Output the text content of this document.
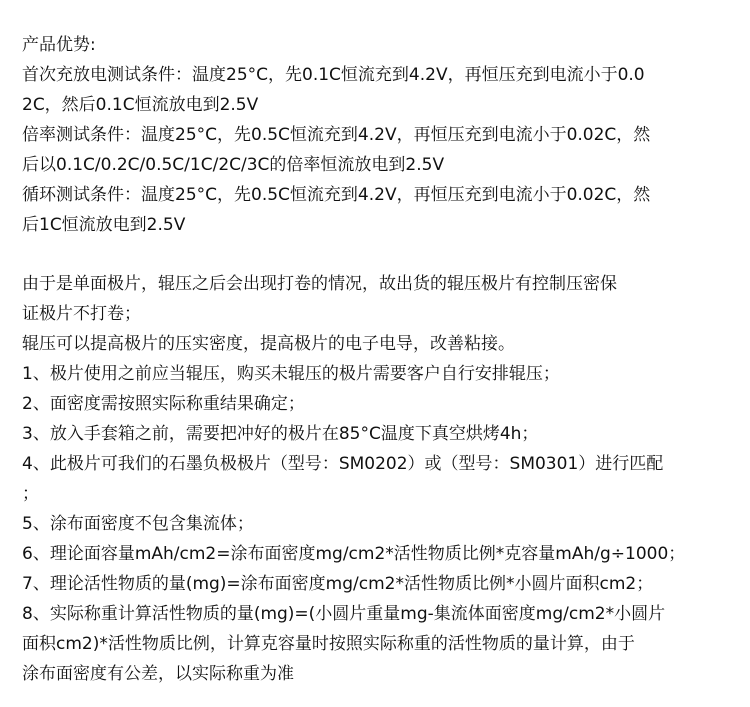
产品优势:
首次充放电测试条件：温度25°C，先0.1C恒流充到4.2V，再恒压充到电流小于0.0
2C，然后0.1C恒流放电到2.5V
倍率测试条件：温度25°C，先0.5C恒流充到4.2V，再恒压充到电流小于0.02C，然
后以0.1C/0.2C/0.5C/1C/2C/3C的倍率恒流放电到2.5V
循环测试条件：温度25°C，先0.5C恒流充到4.2V，再恒压充到电流小于0.02C，然
后1C恒流放电到2.5V
由于是单面极片，辊压之后会出现打卷的情况，故出货的辊压极片有控制压密保
证极片不打卷；
辊压可以提高极片的压实密度，提高极片的电子电导，改善粘接。
1、极片使用之前应当辊压，购买未辊压的极片需要客户自行安排辊压；
2、面密度需按照实际称重结果确定；
3、放入手套箱之前，需要把冲好的极片在85°C温度下真空烘烤4h；
4、此极片可我们的石墨负极极片（型号：SM0202）或（型号：SM0301）进行匹配
；
5、涂布面密度不包含集流体；
6、理论面容量mAh/cm2=涂布面密度mg/cm2*活性物质比例*克容量mAh/g÷1000；
7、理论活性物质的量(mg)=涂布面密度mg/cm2*活性物质比例*小圆片面积cm2；
8、实际称重计算活性物质的量(mg)=(小圆片重量mg-集流体面密度mg/cm2*小圆片
面积cm2)*活性物质比例，计算克容量时按照实际称重的活性物质的量计算，由于
涂布面密度有公差，以实际称重为准
